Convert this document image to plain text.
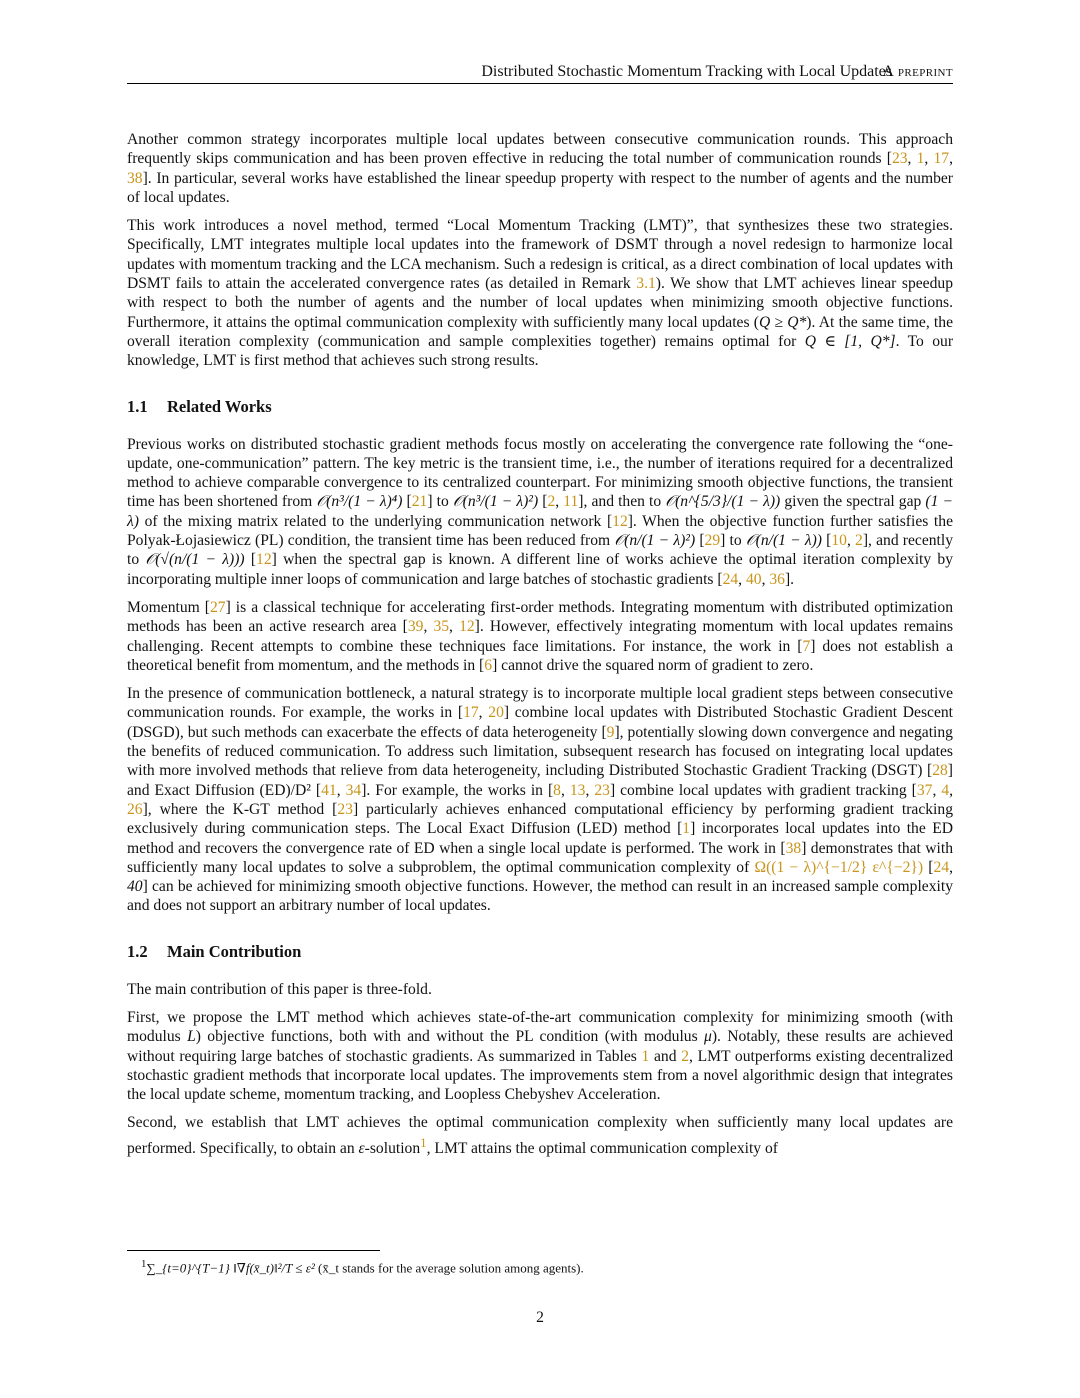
Distributed Stochastic Momentum Tracking with Local Updates
A preprint

Another common strategy incorporates multiple local updates between consecutive communication rounds. This approach frequently skips communication and has been proven effective in reducing the total number of communication rounds [23, 1, 17, 38]. In particular, several works have established the linear speedup property with respect to the number of agents and the number of local updates.

This work introduces a novel method, termed “Local Momentum Tracking (LMT)”, that synthesizes these two strategies. Specifically, LMT integrates multiple local updates into the framework of DSMT through a novel redesign to harmonize local updates with momentum tracking and the LCA mechanism. Such a redesign is critical, as a direct combination of local updates with DSMT fails to attain the accelerated convergence rates (as detailed in Remark 3.1). We show that LMT achieves linear speedup with respect to both the number of agents and the number of local updates when minimizing smooth objective functions. Furthermore, it attains the optimal communication complexity with sufficiently many local updates (Q ≥ Q*). At the same time, the overall iteration complexity (communication and sample complexities together) remains optimal for Q ∈ [1, Q*]. To our knowledge, LMT is first method that achieves such strong results.

1.1 Related Works

Previous works on distributed stochastic gradient methods focus mostly on accelerating the convergence rate following the “one-update, one-communication” pattern. The key metric is the transient time, i.e., the number of iterations required for a decentralized method to achieve comparable convergence to its centralized counterpart. For minimizing smooth objective functions, the transient time has been shortened from 𝒪(n³/(1 − λ)⁴) [21] to 𝒪(n³/(1 − λ)²) [2, 11], and then to 𝒪(n^{5/3}/(1 − λ)) given the spectral gap (1 − λ) of the mixing matrix related to the underlying communication network [12]. When the objective function further satisfies the Polyak-Łojasiewicz (PL) condition, the transient time has been reduced from 𝒪(n/(1 − λ)²) [29] to 𝒪(n/(1 − λ)) [10, 2], and recently to 𝒪(√(n/(1 − λ))) [12] when the spectral gap is known. A different line of works achieve the optimal iteration complexity by incorporating multiple inner loops of communication and large batches of stochastic gradients [24, 40, 36].

Momentum [27] is a classical technique for accelerating first-order methods. Integrating momentum with distributed optimization methods has been an active research area [39, 35, 12]. However, effectively integrating momentum with local updates remains challenging. Recent attempts to combine these techniques face limitations. For instance, the work in [7] does not establish a theoretical benefit from momentum, and the methods in [6] cannot drive the squared norm of gradient to zero.

In the presence of communication bottleneck, a natural strategy is to incorporate multiple local gradient steps between consecutive communication rounds. For example, the works in [17, 20] combine local updates with Distributed Stochastic Gradient Descent (DSGD), but such methods can exacerbate the effects of data heterogeneity [9], potentially slowing down convergence and negating the benefits of reduced communication. To address such limitation, subsequent research has focused on integrating local updates with more involved methods that relieve from data heterogeneity, including Distributed Stochastic Gradient Tracking (DSGT) [28] and Exact Diffusion (ED)/D² [41, 34]. For example, the works in [8, 13, 23] combine local updates with gradient tracking [37, 4, 26], where the K-GT method [23] particularly achieves enhanced computational efficiency by performing gradient tracking exclusively during communication steps. The Local Exact Diffusion (LED) method [1] incorporates local updates into the ED method and recovers the convergence rate of ED when a single local update is performed. The work in [38] demonstrates that with sufficiently many local updates to solve a subproblem, the optimal communication complexity of Ω((1 − λ)^{−1/2} ε^{−2}) [24, 40] can be achieved for minimizing smooth objective functions. However, the method can result in an increased sample complexity and does not support an arbitrary number of local updates.

1.2 Main Contribution

The main contribution of this paper is three-fold.

First, we propose the LMT method which achieves state-of-the-art communication complexity for minimizing smooth (with modulus L) objective functions, both with and without the PL condition (with modulus μ). Notably, these results are achieved without requiring large batches of stochastic gradients. As summarized in Tables 1 and 2, LMT outperforms existing decentralized stochastic gradient methods that incorporate local updates. The improvements stem from a novel algorithmic design that integrates the local update scheme, momentum tracking, and Loopless Chebyshev Acceleration.

Second, we establish that LMT achieves the optimal communication complexity when sufficiently many local updates are performed. Specifically, to obtain an ε-solution$^1$, LMT attains the optimal communication complexity of

$^1$∑_{t=0}^{T−1} ‖∇f(x̄_t)‖²/T ≤ ε² (x̄_t stands for the average solution among agents).
2
